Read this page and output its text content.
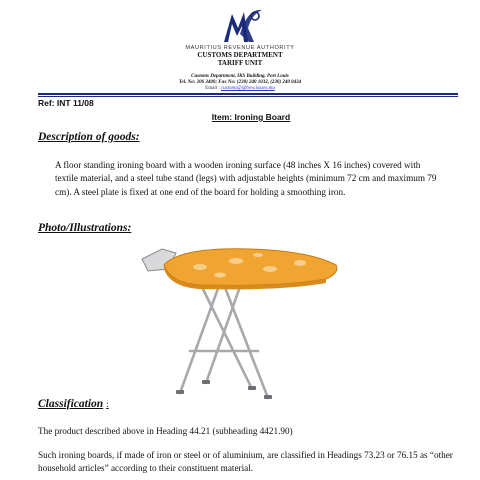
MAURITIUS REVENUE AUTHORITY
CUSTOMS DEPARTMENT
TARIFF UNIT
Customs Department, IKS Building, Port Louis
Tel. No: 206 3400; Fax No: (230) 240 1032, (230) 240 0434
Email : customs@@bow.iasses.mu
Ref: INT 11/08
Item: Ironing Board
Description of goods:
A floor standing ironing board with a wooden ironing surface (48 inches X 16 inches) covered with textile material, and a steel tube stand (legs) with adjustable heights (minimum 72 cm and maximum 79 cm). A steel plate is fixed at one end of the board for holding a smoothing iron.
Photo/Illustrations:
Classification :
The product described above in Heading 44.21 (subheading 4421.90)
Such ironing boards, if made of iron or steel or of aluminium, are classified in Headings 73.23 or 76.15 as “other household articles” according to their constituent material.
